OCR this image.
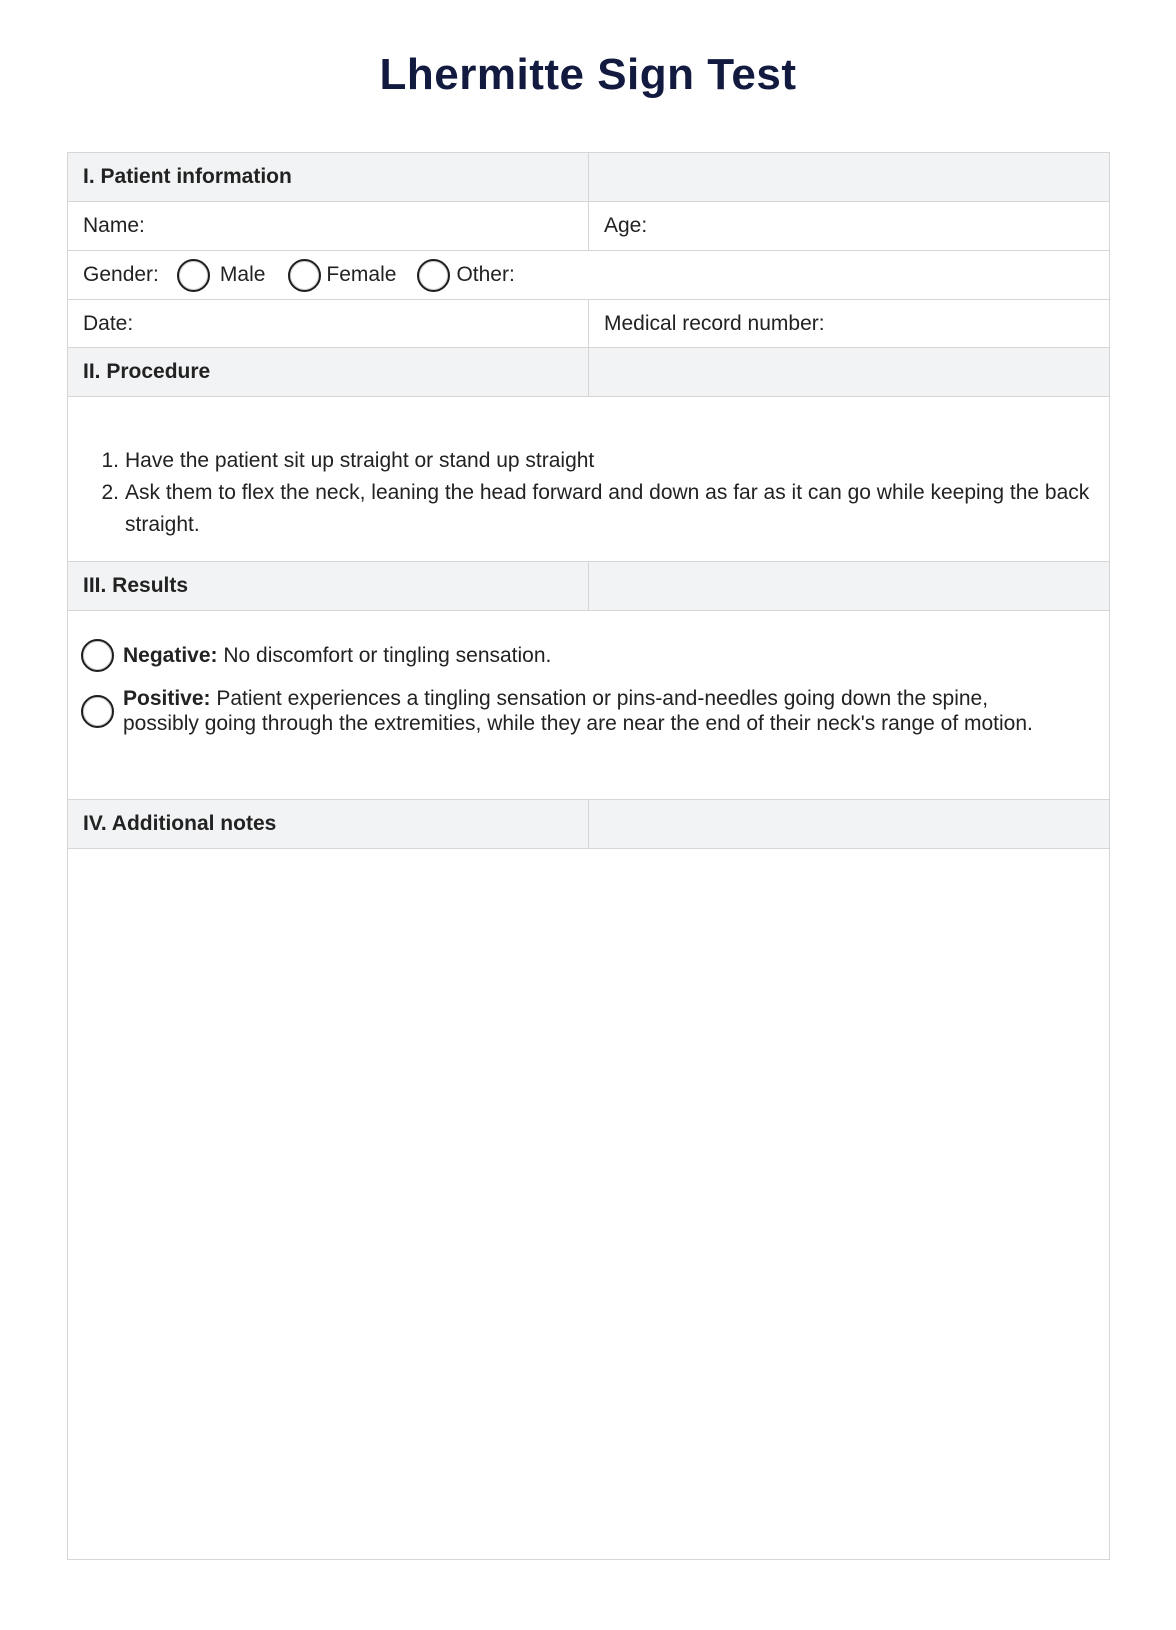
Lhermitte Sign Test
I. Patient information
Name:	Age:
Gender:	Male	Female	Other:
Date:	Medical record number:
II. Procedure
1. Have the patient sit up straight or stand up straight
2. Ask them to flex the neck, leaning the head forward and down as far as it can go while keeping the back straight.
III. Results
Negative: No discomfort or tingling sensation.
Positive: Patient experiences a tingling sensation or pins-and-needles going down the spine, possibly going through the extremities, while they are near the end of their neck's range of motion.
IV. Additional notes
